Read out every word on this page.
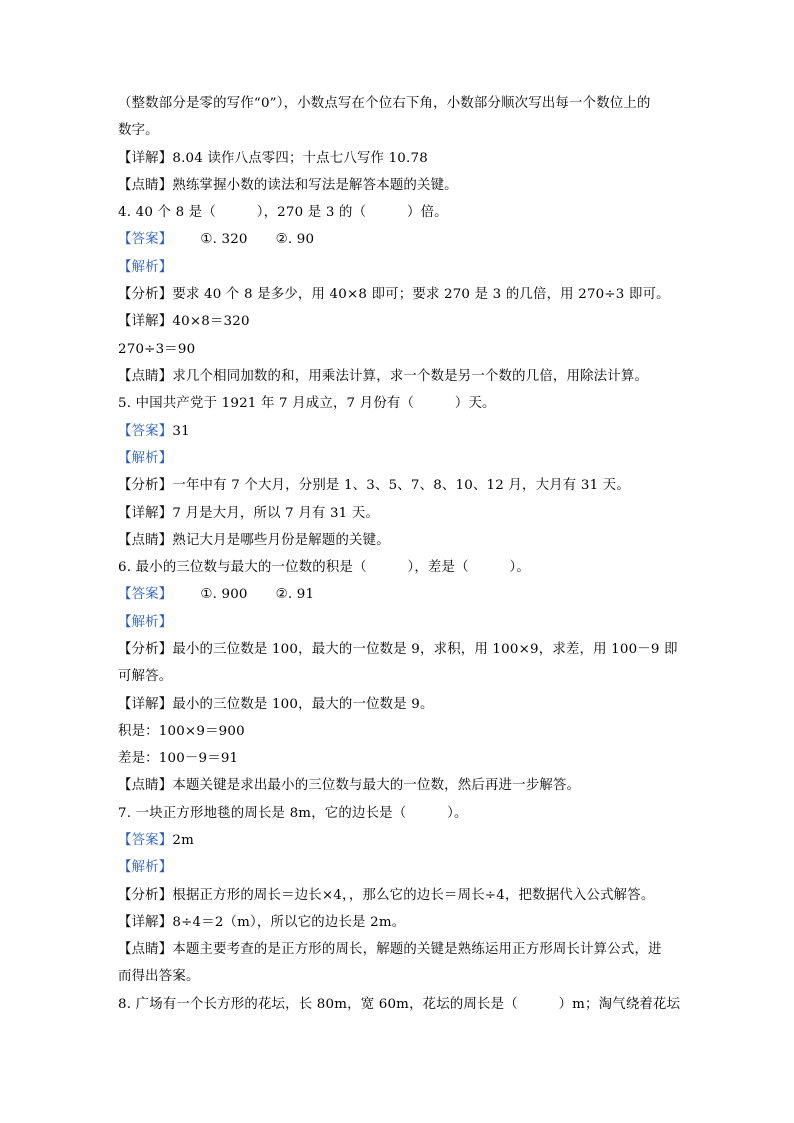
（整数部分是零的写作“0”），小数点写在个位右下角，小数部分顺次写出每一个数位上的
数字。
【详解】8.04 读作八点零四；十点七八写作 10.78
【点睛】熟练掌握小数的读法和写法是解答本题的关键。
4. 40 个 8 是（　　　），270 是 3 的（　　　）倍。
【答案】 ①. 320 ②. 90
【解析】
【分析】要求 40 个 8 是多少，用 40×8 即可；要求 270 是 3 的几倍，用 270÷3 即可。
【详解】40×8＝320
270÷3＝90
【点睛】求几个相同加数的和，用乘法计算，求一个数是另一个数的几倍，用除法计算。
5. 中国共产党于 1921 年 7 月成立，7 月份有（　　　）天。
【答案】31
【解析】
【分析】一年中有 7 个大月，分别是 1、3、5、7、8、10、12 月，大月有 31 天。
【详解】7 月是大月，所以 7 月有 31 天。
【点睛】熟记大月是哪些月份是解题的关键。
6. 最小的三位数与最大的一位数的积是（　　　），差是（　　　）。
【答案】 ①. 900 ②. 91
【解析】
【分析】最小的三位数是 100，最大的一位数是 9，求积，用 100×9，求差，用 100－9 即
可解答。
【详解】最小的三位数是 100，最大的一位数是 9。
积是：100×9＝900
差是：100－9＝91
【点睛】本题关键是求出最小的三位数与最大的一位数，然后再进一步解答。
7. 一块正方形地毯的周长是 8m，它的边长是（　　　）。
【答案】2m
【解析】
【分析】根据正方形的周长＝边长×4，，那么它的边长＝周长÷4，把数据代入公式解答。
【详解】8÷4＝2（m），所以它的边长是 2m。
【点睛】本题主要考查的是正方形的周长，解题的关键是熟练运用正方形周长计算公式，进
而得出答案。
8. 广场有一个长方形的花坛，长 80m，宽 60m，花坛的周长是（　　　）m；淘气绕着花坛
